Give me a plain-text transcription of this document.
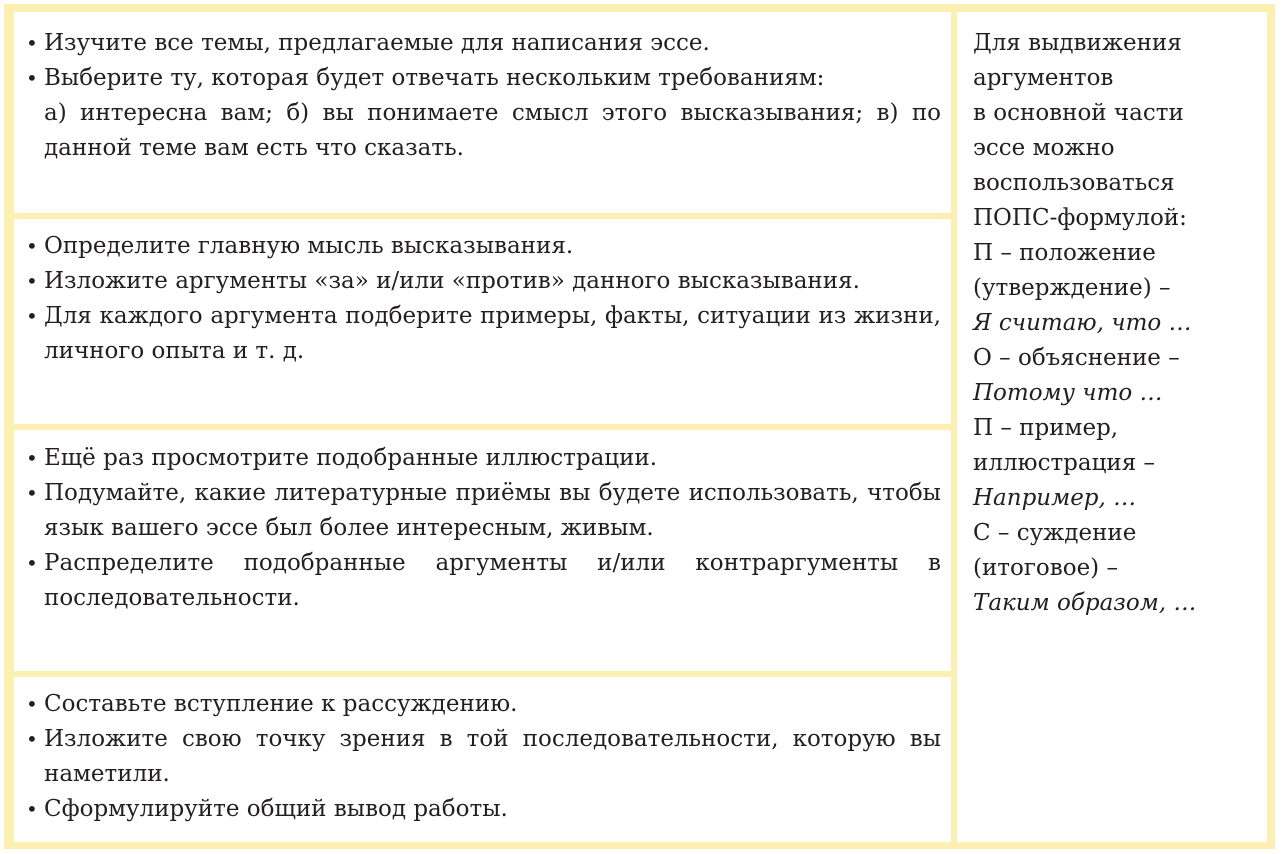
• Изучите все темы, предлагаемые для написания эссе.
• Выберите ту, которая будет отвечать нескольким требованиям:
а) интересна вам; б) вы понимаете смысл этого высказывания; в) по данной теме вам есть что сказать.
• Определите главную мысль высказывания.
• Изложите аргументы «за» и/или «против» данного высказывания.
• Для каждого аргумента подберите примеры, факты, ситуации из жизни, личного опыта и т. д.
• Ещё раз просмотрите подобранные иллюстрации.
• Подумайте, какие литературные приёмы вы будете использовать, чтобы язык вашего эссе был более интересным, живым.
• Распределите подобранные аргументы и/или контраргументы в последовательности.
• Составьте вступление к рассуждению.
• Изложите свою точку зрения в той последовательности, которую вы наметили.
• Сформулируйте общий вывод работы.
Для выдвижения
аргументов
в основной части
эссе можно
воспользоваться
ПОПС-формулой:
П – положение
(утверждение) –
Я считаю, что …
О – объяснение –
Потому что …
П – пример,
иллюстрация –
Например, …
С – суждение
(итоговое) –
Таким образом, …
